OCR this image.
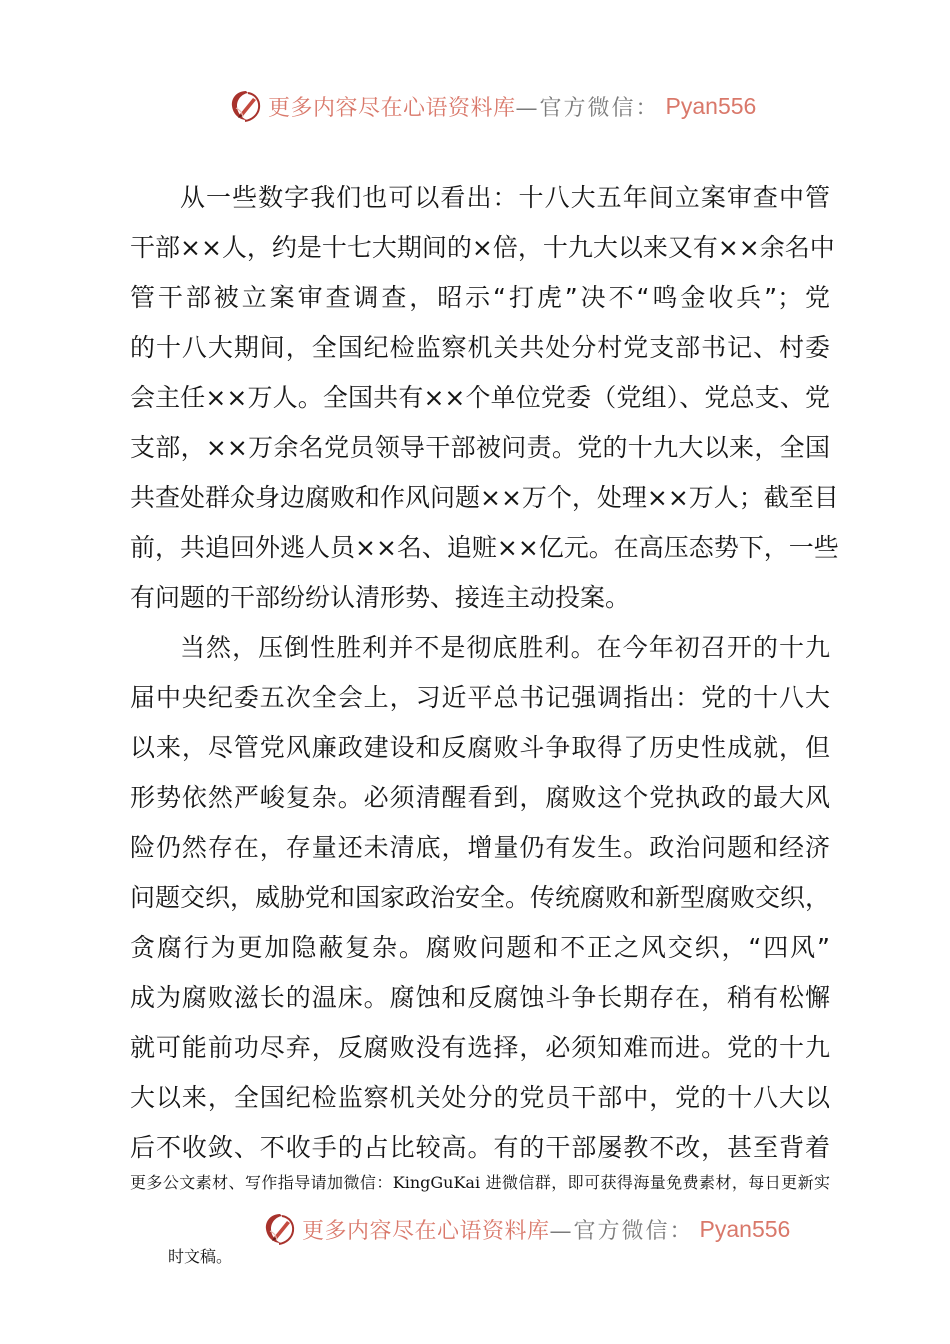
更多内容尽在心语资料库 —官方微信： Pyan556
从一些数字我们也可以看出：十八大五年间立案审查中管
干部××人，约是十七大期间的×倍，十九大以来又有××余名中
管干部被立案审查调查，昭示“打虎”决不“鸣金收兵”；党
的十八大期间，全国纪检监察机关共处分村党支部书记、村委
会主任××万人。全国共有××个单位党委（党组）、党总支、党
支部，××万余名党员领导干部被问责。党的十九大以来，全国
共查处群众身边腐败和作风问题××万个，处理××万人；截至目
前，共追回外逃人员××名、追赃××亿元。在高压态势下，一些
有问题的干部纷纷认清形势、接连主动投案。
当然，压倒性胜利并不是彻底胜利。在今年初召开的十九
届中央纪委五次全会上，习近平总书记强调指出：党的十八大
以来，尽管党风廉政建设和反腐败斗争取得了历史性成就，但
形势依然严峻复杂。必须清醒看到，腐败这个党执政的最大风
险仍然存在，存量还未清底，增量仍有发生。政治问题和经济
问题交织，威胁党和国家政治安全。传统腐败和新型腐败交织，
贪腐行为更加隐蔽复杂。腐败问题和不正之风交织，“四风”
成为腐败滋长的温床。腐蚀和反腐蚀斗争长期存在，稍有松懈
就可能前功尽弃，反腐败没有选择，必须知难而进。党的十九
大以来，全国纪检监察机关处分的党员干部中，党的十八大以
后不收敛、不收手的占比较高。有的干部屡教不改，甚至背着
更多公文素材、写作指导请加微信：KingGuKai 进微信群，即可获得海量免费素材，每日更新实
更多内容尽在心语资料库 —官方微信： Pyan556
时文稿。
